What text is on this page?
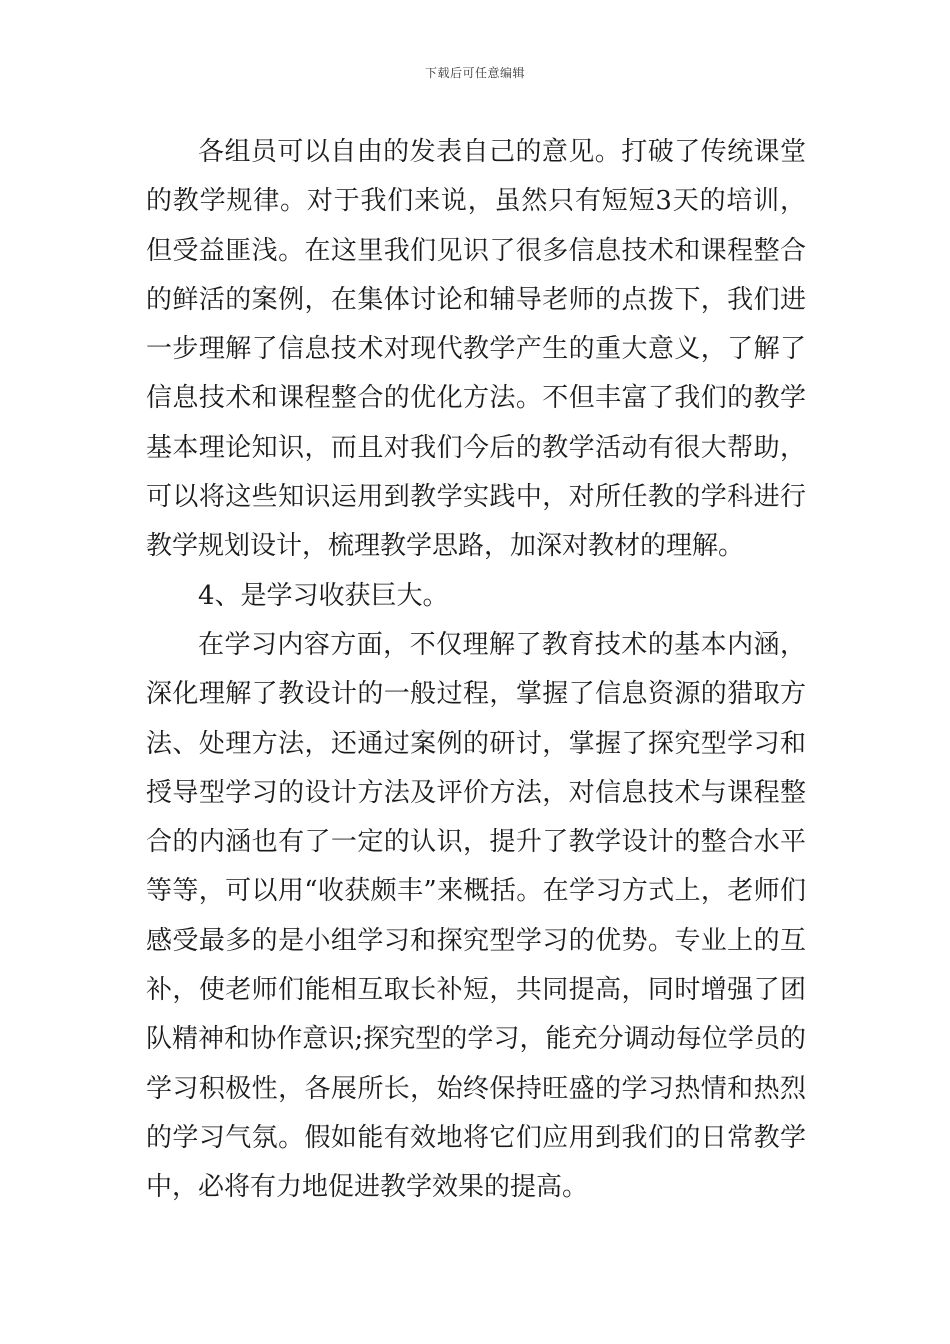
下载后可任意编辑

各组员可以自由的发表自己的意见。打破了传统课堂的教学规律。对于我们来说，虽然只有短短3天的培训，但受益匪浅。在这里我们见识了很多信息技术和课程整合的鲜活的案例，在集体讨论和辅导老师的点拨下，我们进一步理解了信息技术对现代教学产生的重大意义，了解了信息技术和课程整合的优化方法。不但丰富了我们的教学基本理论知识，而且对我们今后的教学活动有很大帮助，可以将这些知识运用到教学实践中，对所任教的学科进行教学规划设计，梳理教学思路，加深对教材的理解。

4、是学习收获巨大。

在学习内容方面，不仅理解了教育技术的基本内涵，深化理解了教设计的一般过程，掌握了信息资源的猎取方法、处理方法，还通过案例的研讨，掌握了探究型学习和授导型学习的设计方法及评价方法，对信息技术与课程整合的内涵也有了一定的认识，提升了教学设计的整合水平等等，可以用“收获颇丰”来概括。在学习方式上，老师们感受最多的是小组学习和探究型学习的优势。专业上的互补，使老师们能相互取长补短，共同提高，同时增强了团队精神和协作意识;探究型的学习，能充分调动每位学员的学习积极性，各展所长，始终保持旺盛的学习热情和热烈的学习气氛。假如能有效地将它们应用到我们的日常教学中，必将有力地促进教学效果的提高。
